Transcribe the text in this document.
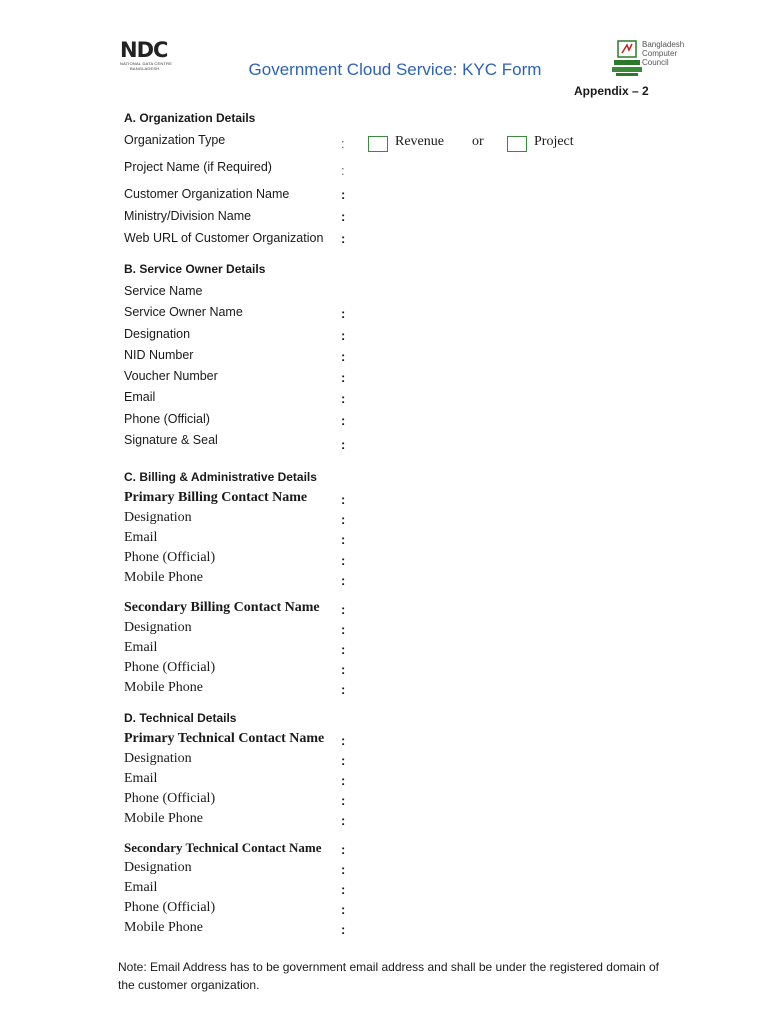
NDC
NATIONAL DATA CENTRE
BANGLADESH
Bangladesh
Computer
Council
Government Cloud Service: KYC Form
Appendix – 2
A. Organization Details
Organization Type	:	Revenue or	Project
Project Name (if Required)	:
Customer Organization Name	:
Ministry/Division Name	:
Web URL of Customer Organization :
B. Service Owner Details
Service Name
Service Owner Name	:
Designation	:
NID Number	:
Voucher Number	:
Email	:
Phone (Official)	:
Signature & Seal	:
C. Billing & Administrative Details
Primary Billing Contact Name	:
Designation	:
Email	:
Phone (Official)	:
Mobile Phone	:
Secondary Billing Contact Name :
Designation	:
Email	:
Phone (Official)	:
Mobile Phone	:
D. Technical Details
Primary Technical Contact Name :
Designation	:
Email	:
Phone (Official)	:
Mobile Phone	:
Secondary Technical Contact Name :
Designation	:
Email	:
Phone (Official)	:
Mobile Phone	:
Note: Email Address has to be government email address and shall be under the registered domain of the customer organization.
